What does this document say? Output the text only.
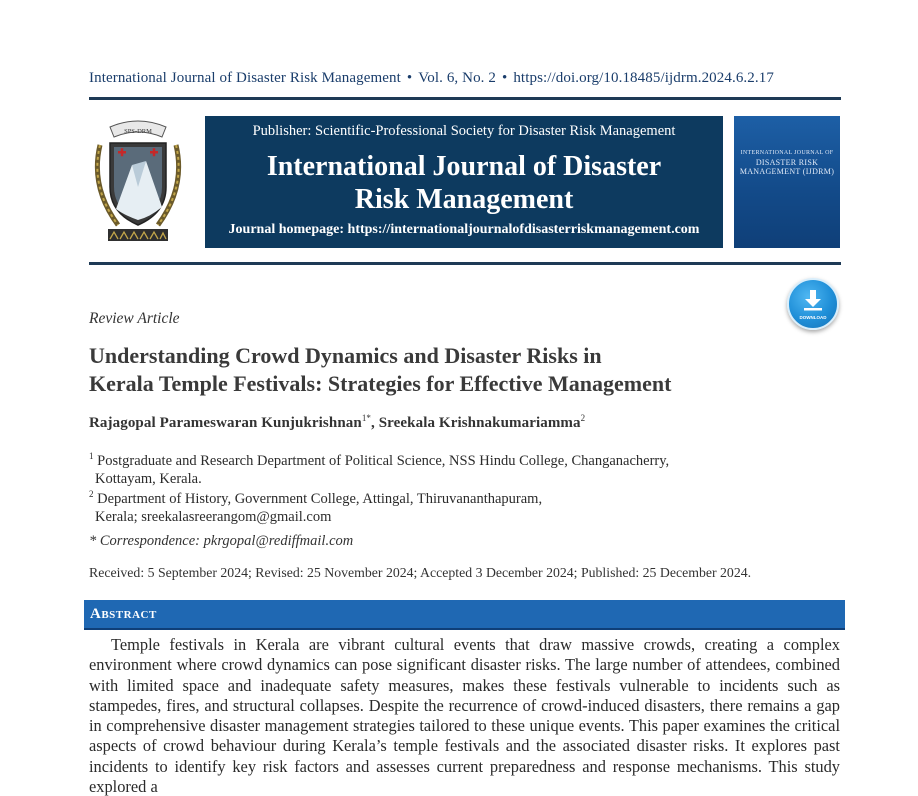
International Journal of Disaster Risk Management • Vol. 6, No. 2 • https://doi.org/10.18485/ijdrm.2024.6.2.17
SPS-DRM	Publisher: Scientific-Professional Society for Disaster Risk Management
International Journal of Disaster
Risk Management
Journal homepage: https://internationaljournalofdisasterriskmanagement.com
INTERNATIONAL JOURNAL OF
DISASTER RISK MANAGEMENT (IJDRM)
DOWNLOAD
Review Article
Understanding Crowd Dynamics and Disaster Risks in
Kerala Temple Festivals: Strategies for Effective Management
Rajagopal Parameswaran Kunjukrishnan$^{1*}$, Sreekala Krishnakumariamma$^2$
$^1$ Postgraduate and Research Department of Political Science, NSS Hindu College, Changanacherry,
Kottayam, Kerala.
$^2$ Department of History, Government College, Attingal, Thiruvananthapuram,
Kerala; sreekalasreerangom@gmail.com
* Correspondence: pkrgopal@rediffmail.com
Received: 5 September 2024; Revised: 25 November 2024; Accepted 3 December 2024; Published: 25 December 2024.
Abstract
Temple festivals in Kerala are vibrant cultural events that draw massive crowds, creating a complex environment where crowd dynamics can pose significant disaster risks. The large number of attendees, combined with limited space and inadequate safety measures, makes these festivals vulnerable to incidents such as stampedes, fires, and structural collapses. Despite the recurrence of crowd-induced disasters, there remains a gap in comprehensive disaster management strategies tailored to these unique events. This paper examines the critical aspects of crowd behaviour during Kerala’s temple festivals and the associated disaster risks. It explores past incidents to identify key risk factors and assesses current preparedness and response mechanisms. This study explored a
